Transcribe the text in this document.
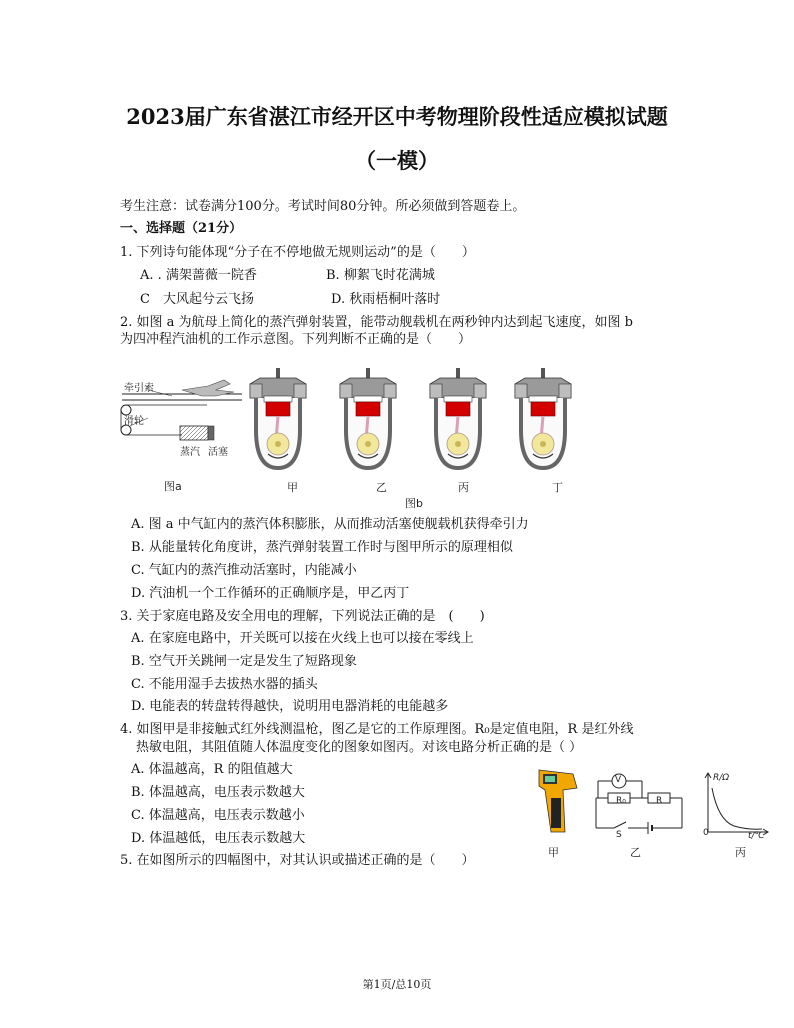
2023届广东省湛江市经开区中考物理阶段性适应模拟试题
（一模）
考生注意：试卷满分100分。考试时间80分钟。所必须做到答题卷上。
一、选择题（21分）
1. 下列诗句能体现“分子在不停地做无规则运动”的是（　　）
A. . 满架蔷薇一院香	B. 柳絮飞时花满城
C　大风起兮云飞扬	D. 秋雨梧桐叶落时
2. 如图 a 为航母上简化的蒸汽弹射装置，能带动舰载机在两秒钟内达到起飞速度，如图 b
为四冲程汽油机的工作示意图。下列判断不正确的是（　　）
牵引索
滑轮
蒸汽 活塞
图a	甲	乙	丙	丁
图b
A. 图 a 中气缸内的蒸汽体积膨胀，从而推动活塞使舰载机获得牵引力
B. 从能量转化角度讲，蒸汽弹射装置工作时与图甲所示的原理相似
C. 气缸内的蒸汽推动活塞时，内能减小
D. 汽油机一个工作循环的正确顺序是，甲乙丙丁
3. 关于家庭电路及安全用电的理解，下列说法正确的是　(　　)
A. 在家庭电路中，开关既可以接在火线上也可以接在零线上
B. 空气开关跳闸一定是发生了短路现象
C. 不能用湿手去拔热水器的插头
D. 电能表的转盘转得越快，说明用电器消耗的电能越多
4. 如图甲是非接触式红外线测温枪，图乙是它的工作原理图。R₀是定值电阻，R 是红外线
热敏电阻，其阻值随人体温度变化的图象如图丙。对该电路分析正确的是（ ）
A. 体温越高，R 的阻值越大
B. 体温越高，电压表示数越大
C. 体温越高，电压表示数越小
D. 体温越低，电压表示数越大
甲
V
R₀	R
S
乙
R/Ω
0	t/℃
丙
5. 在如图所示的四幅图中，对其认识或描述正确的是（　　）
第1页/总10页
